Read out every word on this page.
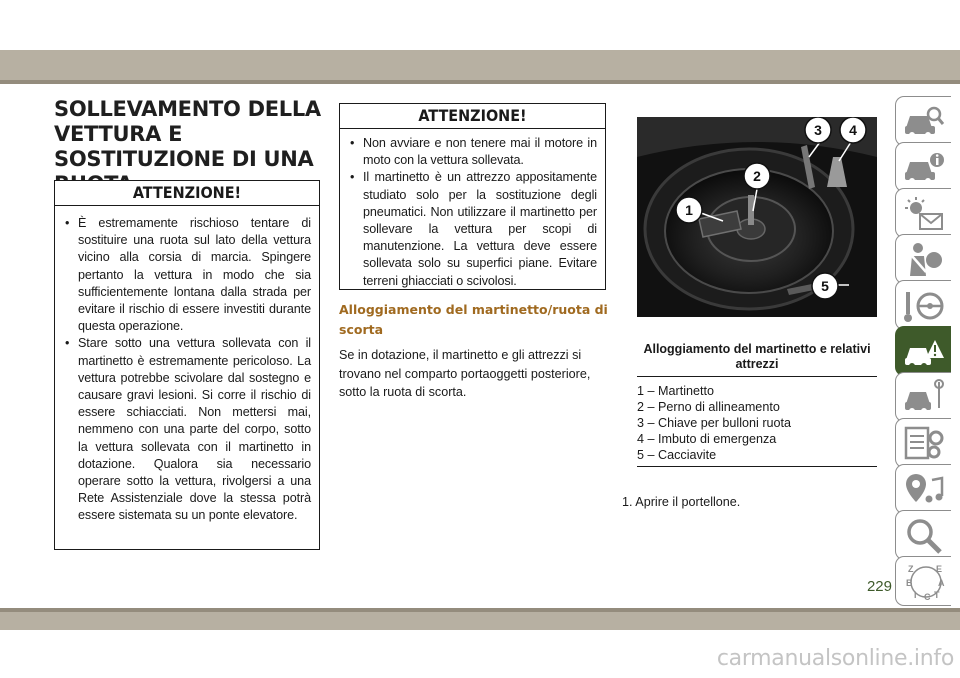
SOLLEVAMENTO DELLA VETTURA E SOSTITUZIONE DI UNA
ATTENZIONE!
• È estremamente rischioso tentare di sostituire una ruota sul lato della vettura vicino alla corsia di marcia. Spingere pertanto la vettura in modo che sia sufficientemente lontana dalla strada per evitare il rischio di essere investiti durante questa operazione.
• Stare sotto una vettura sollevata con il martinetto è estremamente pericoloso. La vettura potrebbe scivolare dal sostegno e causare gravi lesioni. Si corre il rischio di essere schiacciati. Non mettersi mai, nemmeno con una parte del corpo, sotto la vettura sollevata con il martinetto in dotazione. Qualora sia necessario operare sotto la vettura, rivolgersi a una Rete Assistenziale dove la stessa potrà essere sistemata su un ponte elevatore.
ATTENZIONE!
• Non avviare e non tenere mai il motore in moto con la vettura sollevata.
• Il martinetto è un attrezzo appositamente studiato solo per la sostituzione degli pneumatici. Non utilizzare il martinetto per sollevare la vettura per scopi di manutenzione. La vettura deve essere sollevata solo su superfici piane. Evitare terreni ghiacciati o scivolosi.
Alloggiamento del martinetto/ruota di scorta

Se in dotazione, il martinetto e gli attrezzi si trovano nel comparto portaoggetti posteriore, sotto la ruota di scorta.

1
2
3 4
5

Alloggiamento del martinetto e relativi attrezzi

1 – Martinetto
2 – Perno di allineamento
3 – Chiave per bulloni ruota
4 – Imbuto di emergenza
5 – Cacciavite

1. Aprire il portellone.

Z	E
B	A
I C T

229

carmanualsonline.info
